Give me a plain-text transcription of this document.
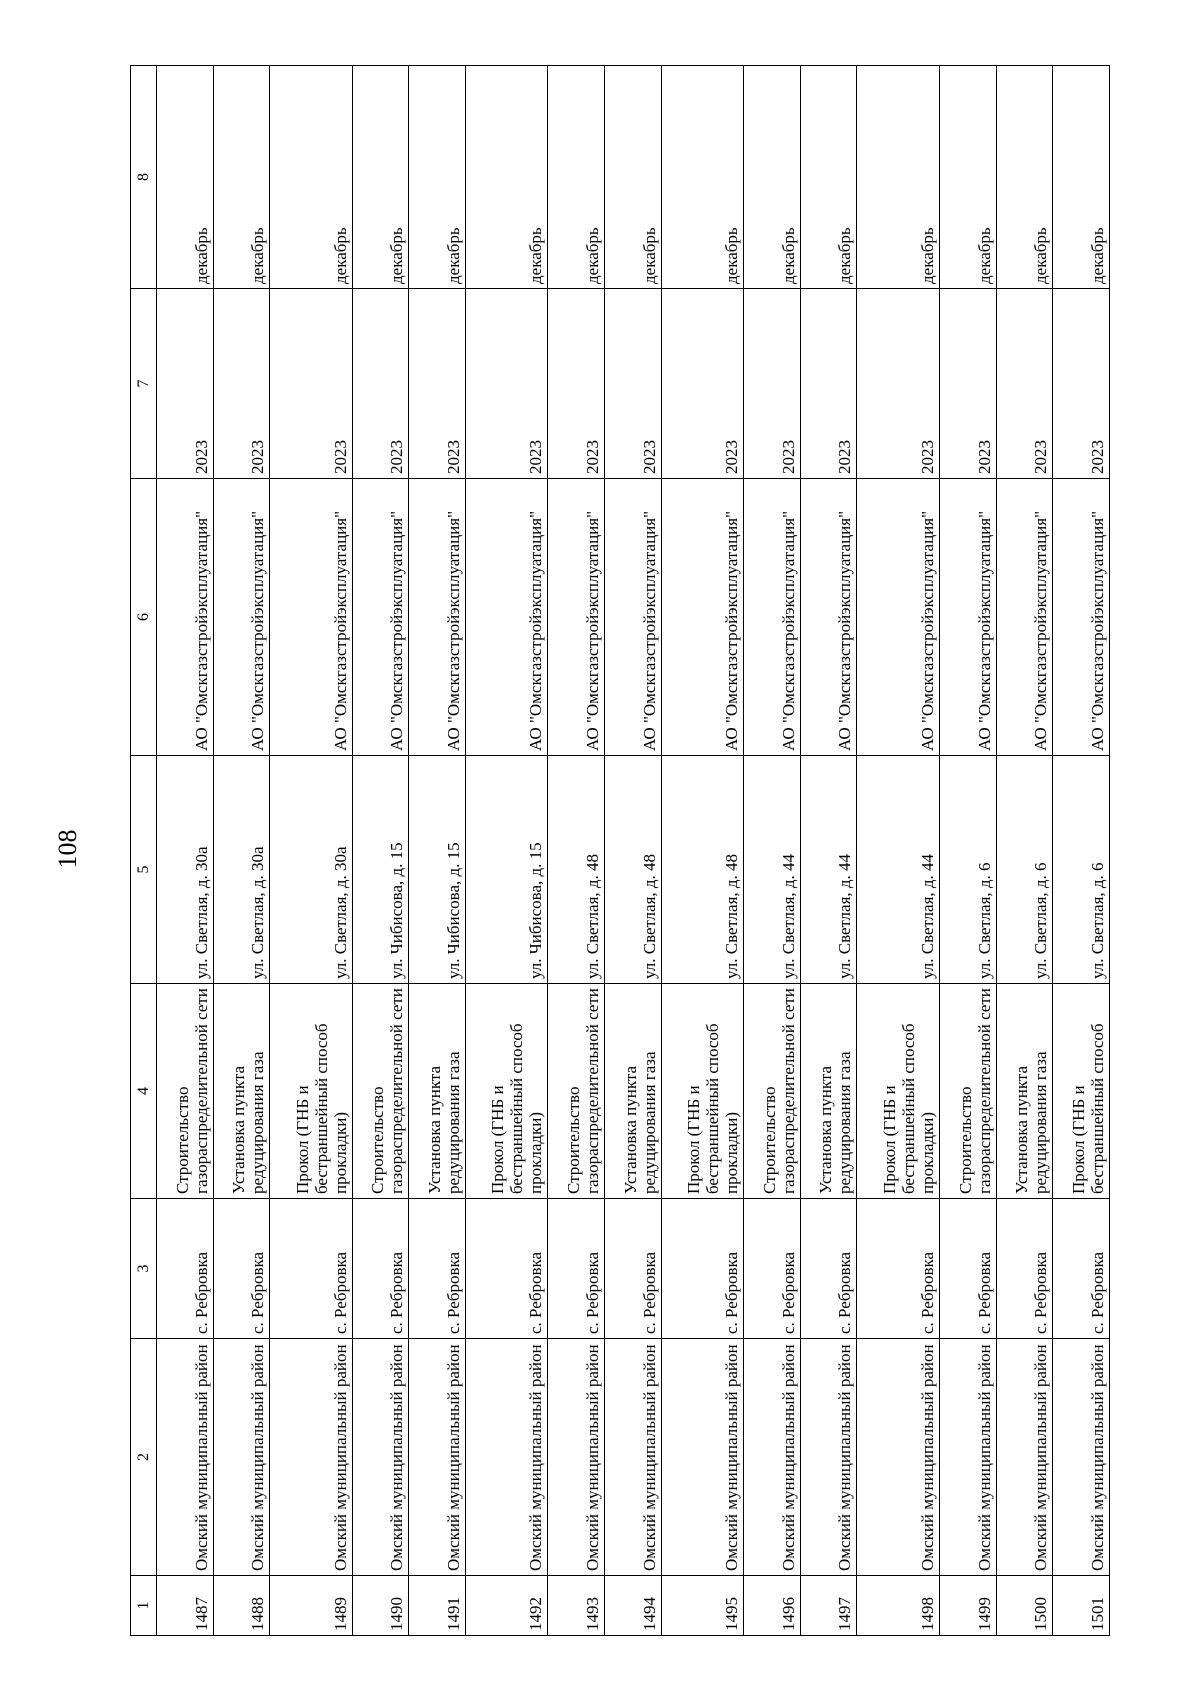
108
1	2	3	4	5	6	7	8
1487	Омский муниципальный район	с. Ребровка	Строительство газораспределительной сети	ул. Светлая, д. 30а	АО "Омскгазстройэксплуатация"	2023	декабрь
1488	Омский муниципальный район	с. Ребровка	Установка пункта редуцирования газа	ул. Светлая, д. 30а	АО "Омскгазстройэксплуатация"	2023	декабрь
1489	Омский муниципальный район	с. Ребровка	Прокол (ГНБ и бестраншейный способ прокладки)	ул. Светлая, д. 30а	АО "Омскгазстройэксплуатация"	2023	декабрь
1490	Омский муниципальный район	с. Ребровка	Строительство газораспределительной сети	ул. Чибисова, д. 15	АО "Омскгазстройэксплуатация"	2023	декабрь
1491	Омский муниципальный район	с. Ребровка	Установка пункта редуцирования газа	ул. Чибисова, д. 15	АО "Омскгазстройэксплуатация"	2023	декабрь
1492	Омский муниципальный район	с. Ребровка	Прокол (ГНБ и бестраншейный способ прокладки)	ул. Чибисова, д. 15	АО "Омскгазстройэксплуатация"	2023	декабрь
1493	Омский муниципальный район	с. Ребровка	Строительство газораспределительной сети	ул. Светлая, д. 48	АО "Омскгазстройэксплуатация"	2023	декабрь
1494	Омский муниципальный район	с. Ребровка	Установка пункта редуцирования газа	ул. Светлая, д. 48	АО "Омскгазстройэксплуатация"	2023	декабрь
1495	Омский муниципальный район	с. Ребровка	Прокол (ГНБ и бестраншейный способ прокладки)	ул. Светлая, д. 48	АО "Омскгазстройэксплуатация"	2023	декабрь
1496	Омский муниципальный район	с. Ребровка	Строительство газораспределительной сети	ул. Светлая, д. 44	АО "Омскгазстройэксплуатация"	2023	декабрь
1497	Омский муниципальный район	с. Ребровка	Установка пункта редуцирования газа	ул. Светлая, д. 44	АО "Омскгазстройэксплуатация"	2023	декабрь
1498	Омский муниципальный район	с. Ребровка	Прокол (ГНБ и бестраншейный способ прокладки)	ул. Светлая, д. 44	АО "Омскгазстройэксплуатация"	2023	декабрь
1499	Омский муниципальный район	с. Ребровка	Строительство газораспределительной сети	ул. Светлая, д. 6	АО "Омскгазстройэксплуатация"	2023	декабрь
1500	Омский муниципальный район	с. Ребровка	Установка пункта редуцирования газа	ул. Светлая, д. 6	АО "Омскгазстройэксплуатация"	2023	декабрь
1501	Омский муниципальный район	с. Ребровка	Прокол (ГНБ и бестраншейный способ	ул. Светлая, д. 6	АО "Омскгазстройэксплуатация"	2023	декабрь
